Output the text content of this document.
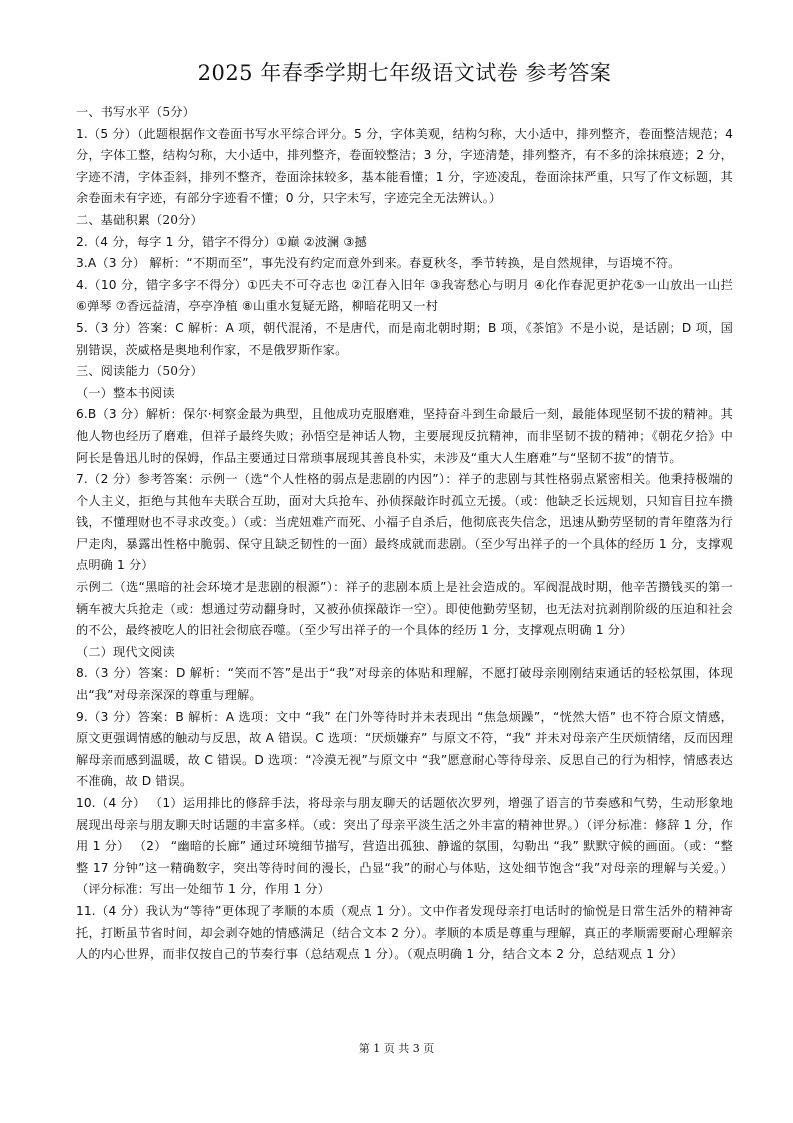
2025 年春季学期七年级语文试卷 参考答案

一、书写水平（5分）

1.（5 分）（此题根据作文卷面书写水平综合评分。5 分，字体美观，结构匀称，大小适中，排列整齐，卷面整洁规范；4 分，字体工整，结构匀称，大小适中，排列整齐，卷面较整洁；3 分，字迹清楚，排列整齐，有不多的涂抹痕迹；2 分，字迹不清，字体歪斜，排列不整齐，卷面涂抹较多，基本能看懂；1 分，字迹凌乱，卷面涂抹严重，只写了作文标题，其余卷面未有字迹，有部分字迹看不懂；0 分，只字未写，字迹完全无法辨认。）

二、基础积累（20分）

2.（4 分，每字 1 分，错字不得分）①巅 ②波澜 ③撼

3.A（3 分） 解析：“不期而至”，事先没有约定而意外到来。春夏秋冬，季节转换，是自然规律，与语境不符。

4.（10 分，错字多字不得分）①匹夫不可夺志也 ②江春入旧年 ③我寄愁心与明月 ④化作春泥更护花⑤一山放出一山拦 ⑥弹琴 ⑦香远益清，亭亭净植 ⑧山重水复疑无路，柳暗花明又一村

5.（3 分）答案：C 解析：A 项，朝代混淆，不是唐代，而是南北朝时期；B 项，《茶馆》不是小说，是话剧；D 项，国别错误，茨威格是奥地利作家，不是俄罗斯作家。

三、阅读能力（50分）

（一）整本书阅读

6.B（3 分）解析：保尔·柯察金最为典型，且他成功克服磨难，坚持奋斗到生命最后一刻，最能体现坚韧不拔的精神。其他人物也经历了磨难，但祥子最终失败；孙悟空是神话人物，主要展现反抗精神，而非坚韧不拔的精神；《朝花夕拾》中阿长是鲁迅儿时的保姆，作品主要通过日常琐事展现其善良朴实，未涉及“重大人生磨难”与“坚韧不拔”的情节。

7.（2 分）参考答案：示例一（选“个人性格的弱点是悲剧的内因”）：祥子的悲剧与其性格弱点紧密相关。他秉持极端的个人主义，拒绝与其他车夫联合互助，面对大兵抢车、孙侦探敲诈时孤立无援。（或：他缺乏长远规划，只知盲目拉车攒钱，不懂理财也不寻求改变。）（或：当虎妞难产而死、小福子自杀后，他彻底丧失信念，迅速从勤劳坚韧的青年堕落为行尸走肉，暴露出性格中脆弱、保守且缺乏韧性的一面）最终成就而悲剧。（至少写出祥子的一个具体的经历 1 分，支撑观点明确 1 分）

示例二（选“黑暗的社会环境才是悲剧的根源”）：祥子的悲剧本质上是社会造成的。军阀混战时期，他辛苦攒钱买的第一辆车被大兵抢走（或：想通过劳动翻身时，又被孙侦探敲诈一空）。即使他勤劳坚韧，也无法对抗剥削阶级的压迫和社会的不公，最终被吃人的旧社会彻底吞噬。（至少写出祥子的一个具体的经历 1 分，支撑观点明确 1 分）

（二）现代文阅读

8.（3 分）答案：D 解析：“笑而不答”是出于“我”对母亲的体贴和理解，不愿打破母亲刚刚结束通话的轻松氛围，体现出“我”对母亲深深的尊重与理解。

9.（3 分）答案：B 解析：A 选项：文中 “我” 在门外等待时并未表现出 “焦急烦躁”，“恍然大悟” 也不符合原文情感，原文更强调情感的触动与反思，故 A 错误。C 选项：“厌烦嫌弃” 与原文不符，“我” 并未对母亲产生厌烦情绪，反而因理解母亲而感到温暖，故 C 错误。D 选项：“冷漠无视”与原文中 “我”愿意耐心等待母亲、反思自己的行为相悖，情感表达不准确，故 D 错误。

10.（4 分） （1）运用排比的修辞手法，将母亲与朋友聊天的话题依次罗列，增强了语言的节奏感和气势，生动形象地展现出母亲与朋友聊天时话题的丰富多样。（或：突出了母亲平淡生活之外丰富的精神世界。）（评分标准：修辞 1 分，作用 1 分） （2） “幽暗的长廊” 通过环境细节描写，营造出孤独、静谧的氛围，勾勒出 “我” 默默守候的画面。（或：“整整 17 分钟”这一精确数字，突出等待时间的漫长，凸显“我”的耐心与体贴，这处细节饱含“我”对母亲的理解与关爱。）（评分标准：写出一处细节 1 分，作用 1 分）

11.（4 分）我认为“等待”更体现了孝顺的本质（观点 1 分）。文中作者发现母亲打电话时的愉悦是日常生活外的精神寄托，打断虽节省时间，却会剥夺她的情感满足（结合文本 2 分）。孝顺的本质是尊重与理解，真正的孝顺需要耐心理解亲人的内心世界，而非仅按自己的节奏行事（总结观点 1 分）。（观点明确 1 分，结合文本 2 分，总结观点 1 分）

第 1 页 共 3 页
